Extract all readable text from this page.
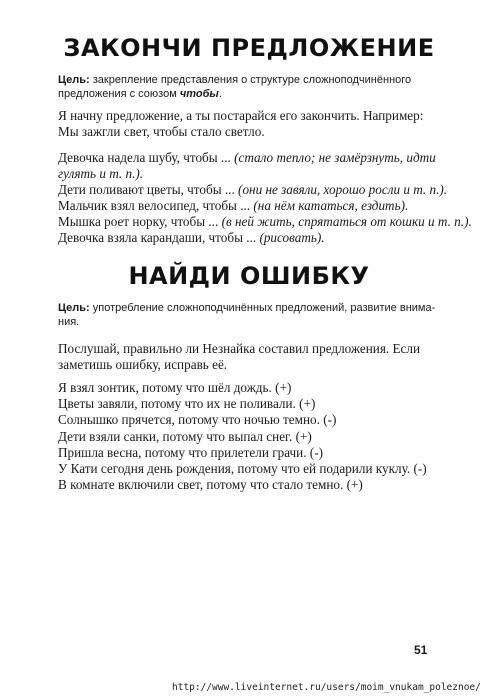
ЗАКОНЧИ ПРЕДЛОЖЕНИЕ
Цель: закрепление представления о структуре сложноподчинённого
предложения с союзом чтобы.
Я начну предложение, а ты постарайся его закончить. Например:
Мы зажгли свет, чтобы стало светло.
Девочка надела шубу, чтобы ... (стало тепло; не замёрзнуть, идти
гулять и т. п.).
Дети поливают цветы, чтобы ... (они не завяли, хорошо росли и т. п.).
Мальчик взял велосипед, чтобы ... (на нём кататься, ездить).
Мышка роет норку, чтобы ... (в ней жить, спрятаться от кошки и т. п.).
Девочка взяла карандаши, чтобы ... (рисовать).
НАЙДИ ОШИБКУ
Цель: употребление сложноподчинённых предложений, развитие внима-
ния.
Послушай, правильно ли Незнайка составил предложения. Если
заметишь ошибку, исправь её.
Я взял зонтик, потому что шёл дождь. (+)
Цветы завяли, потому что их не поливали. (+)
Солнышко прячется, потому что ночью темно. (-)
Дети взяли санки, потому что выпал снег. (+)
Пришла весна, потому что прилетели грачи. (-)
У Кати сегодня день рождения, потому что ей подарили куклу. (-)
В комнате включили свет, потому что стало темно. (+)
51
http://www.liveinternet.ru/users/moim_vnukam_poleznoe/
